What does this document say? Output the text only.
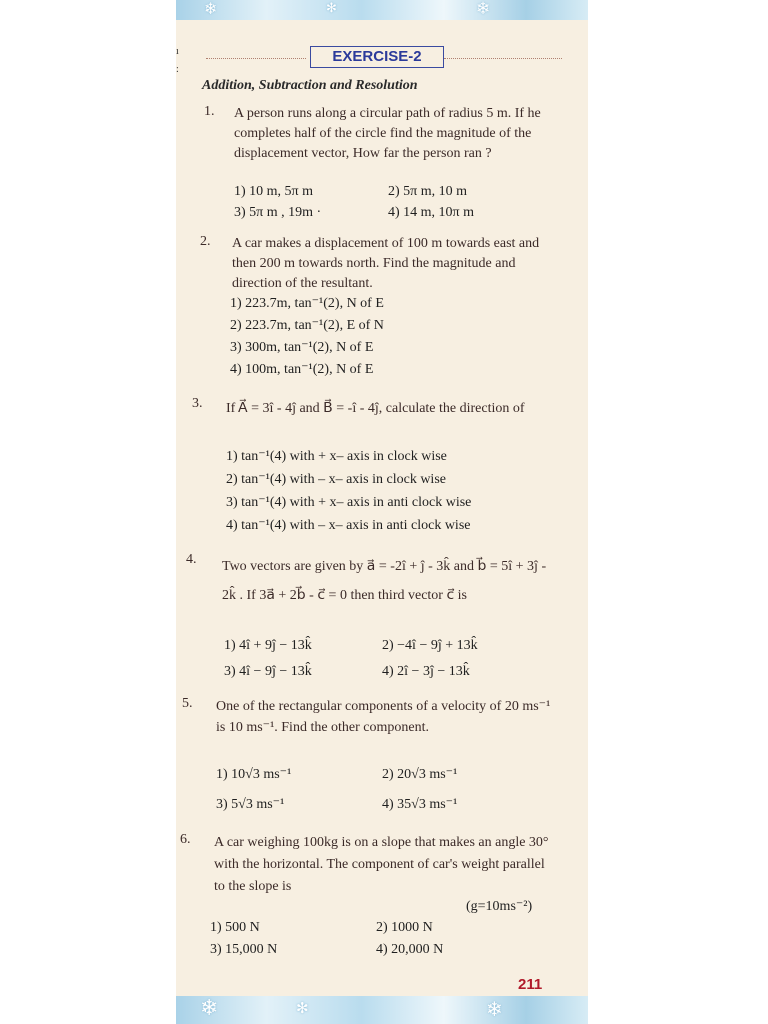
❄	✻	❄
EXERCISE-2
Addition, Subtraction and Resolution
1. A person runs along a circular path of radius 5 m. If he completes half of the circle find the magnitude of the displacement vector, How far the person ran ?
1) 10 m, 5π m	2) 5π m, 10 m
3) 5π m , 19m ·	4) 14 m, 10π m
2. A car makes a displacement of 100 m towards east and then 200 m towards north. Find the magnitude and direction of the resultant.
1) 223.7m, tan⁻¹(2), N of E
2) 223.7m, tan⁻¹(2), E of N
3) 300m, tan⁻¹(2), N of E
4) 100m, tan⁻¹(2), N of E
3. If A⃗ = 3î - 4ĵ and B⃗ = -î - 4ĵ, calculate the direction of
1) tan⁻¹(4) with + x– axis in clock wise
2) tan⁻¹(4) with – x– axis in clock wise
3) tan⁻¹(4) with + x– axis in anti clock wise
4) tan⁻¹(4) with – x– axis in anti clock wise
4. Two vectors are given by a⃗ = -2î + ĵ - 3k̂ and b⃗ = 5î + 3ĵ - 2k̂ . If 3a⃗ + 2b⃗ - c⃗ = 0 then third vector c⃗ is
1) 4î + 9ĵ − 13k̂	2) −4î − 9ĵ + 13k̂
3) 4î − 9ĵ − 13k̂	4) 2î − 3ĵ − 13k̂
5. One of the rectangular components of a velocity of 20 ms⁻¹ is 10 ms⁻¹. Find the other component.
1) 10√3 ms⁻¹	2) 20√3 ms⁻¹
3) 5√3 ms⁻¹	4) 35√3 ms⁻¹
6. A car weighing 100kg is on a slope that makes an angle 30° with the horizontal. The component of car's weight parallel to the slope is
(g=10ms⁻²)
1) 500 N	2) 1000 N
3) 15,000 N	4) 20,000 N
211
❄	✻	❄
ı
:
